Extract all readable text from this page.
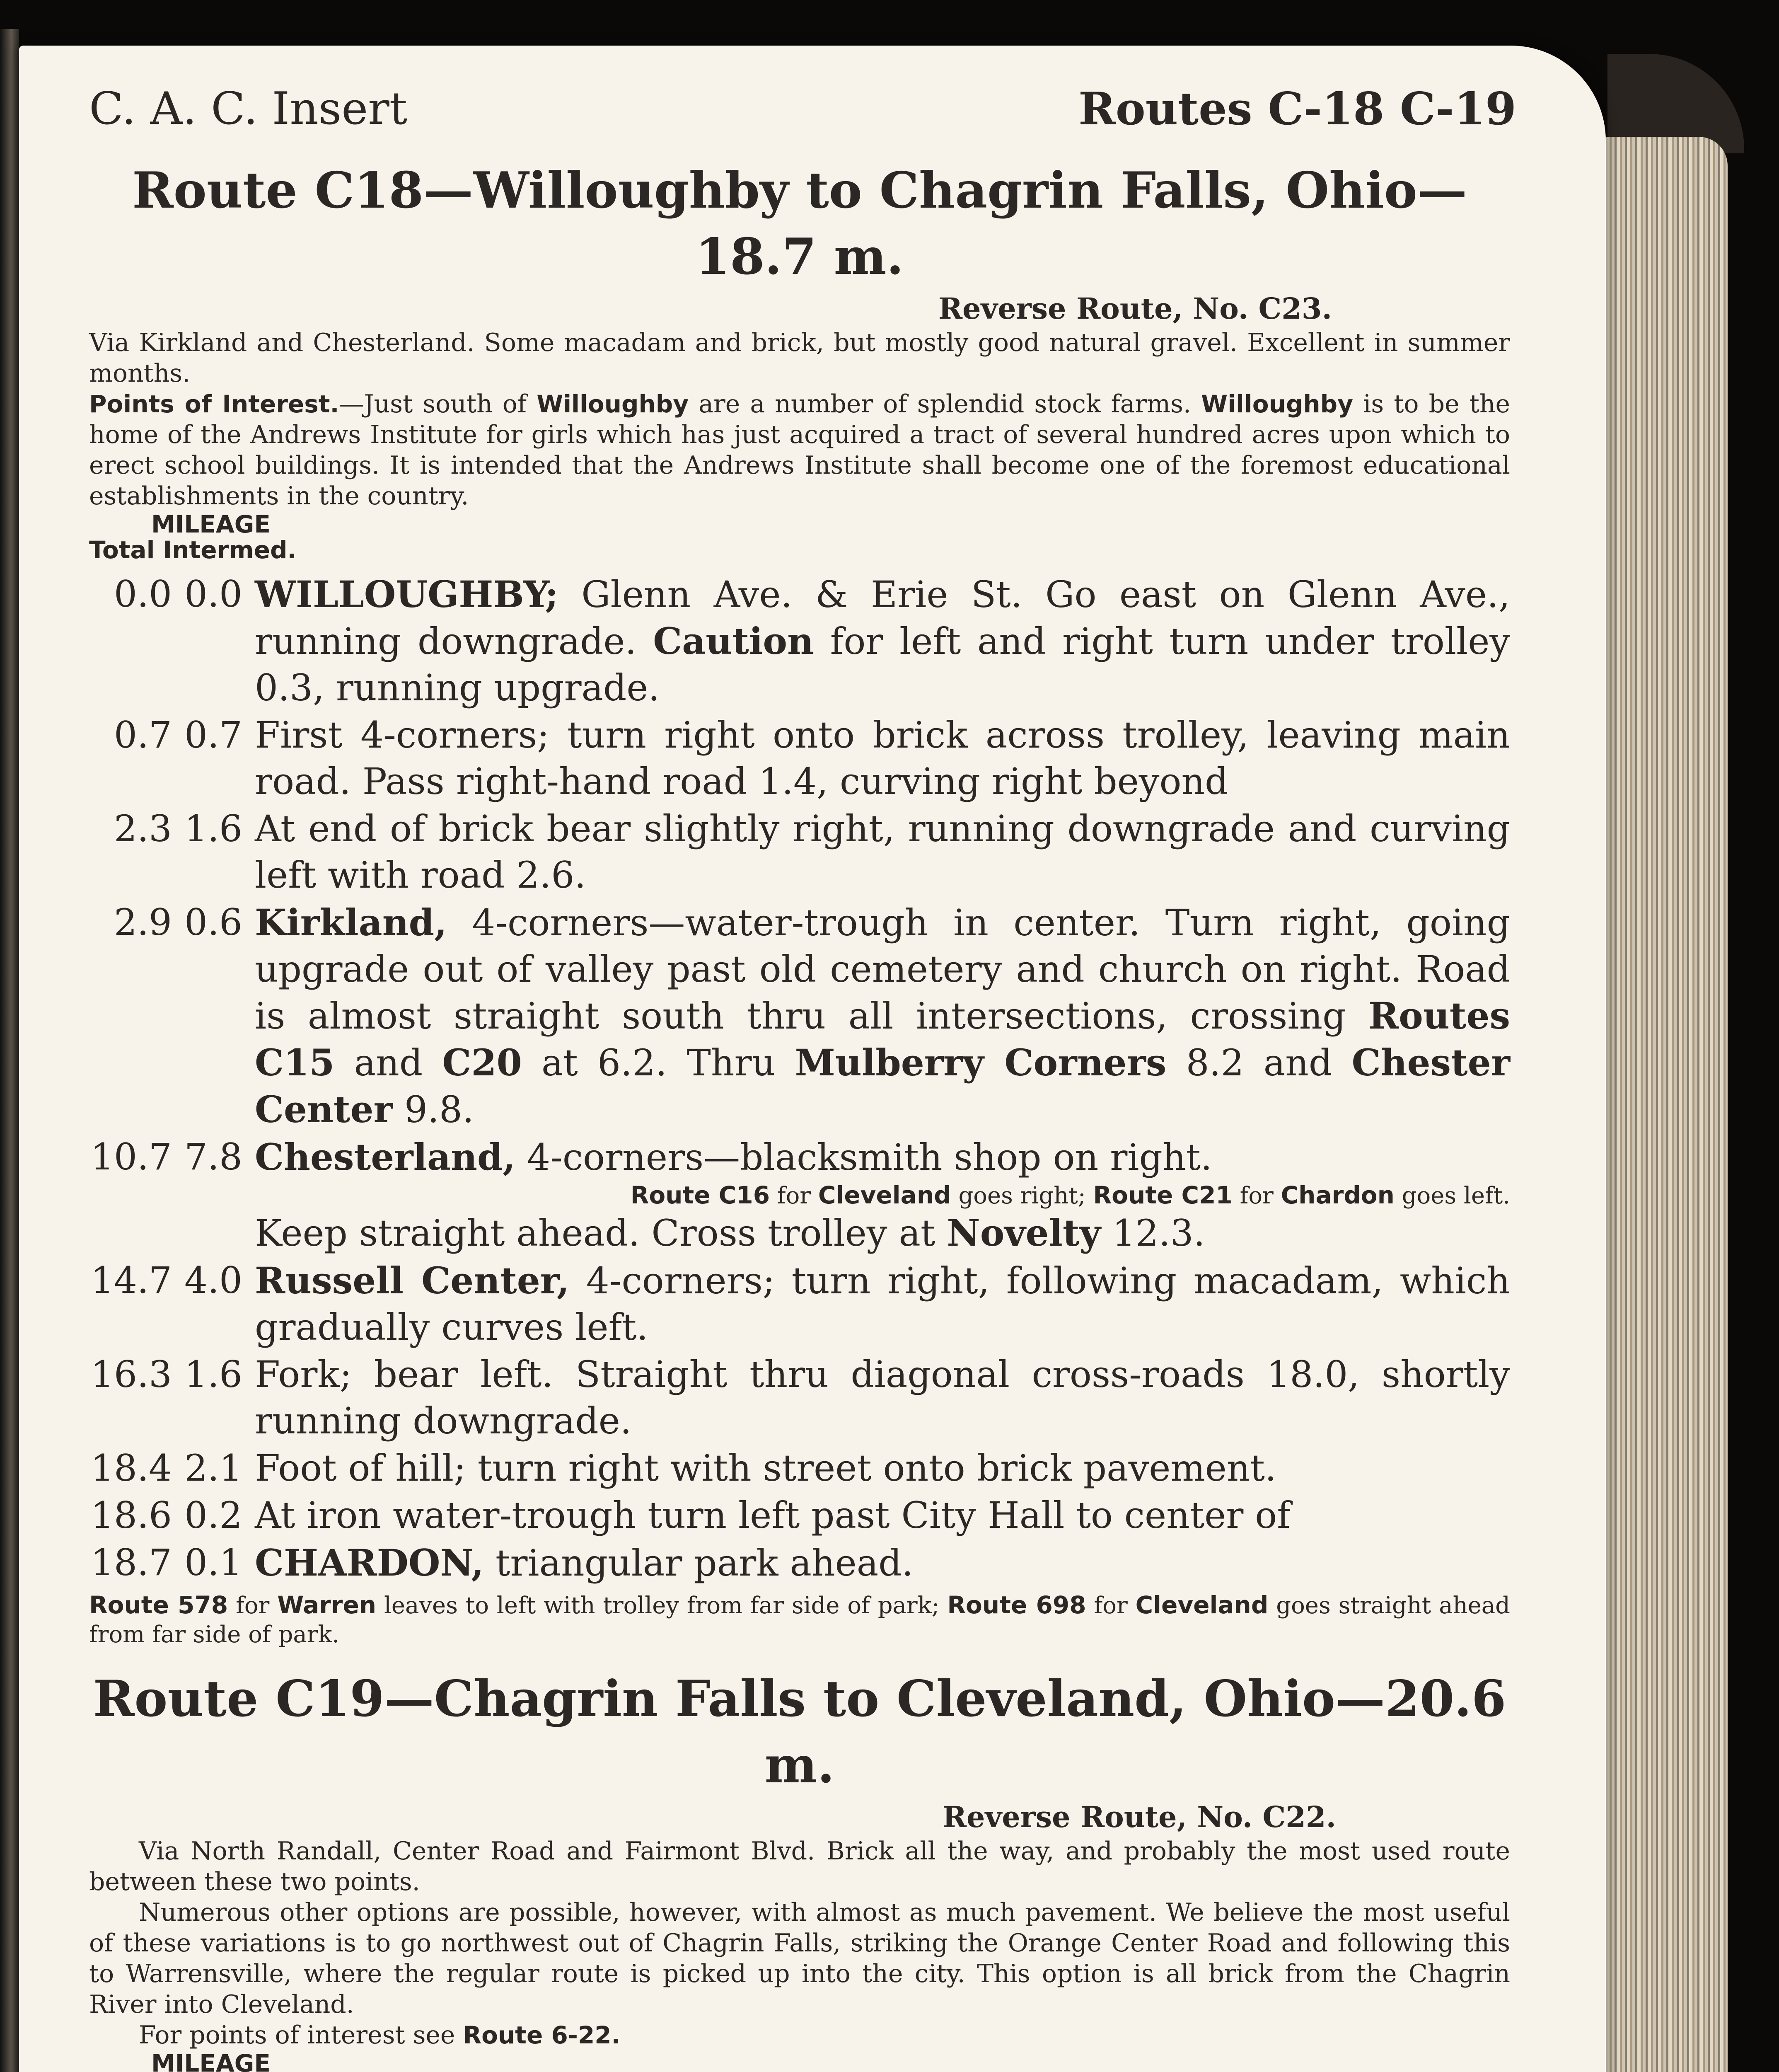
C. A. C. Insert	Routes C-18 C-19

Route C18—Willoughby to Chagrin Falls, Ohio—18.7 m.

Reverse Route, No. C23.

Via Kirkland and Chesterland. Some macadam and brick, but mostly good natural gravel. Excellent in summer months.

Points of Interest.—Just south of Willoughby are a number of splendid stock farms. Willoughby is to be the home of the Andrews Institute for girls which has just acquired a tract of several hundred acres upon which to erect school buildings. It is intended that the Andrews Institute shall become one of the foremost educational establishments in the country.

MILEAGE
Total Intermed.
0.0 0.0 WILLOUGHBY; Glenn Ave. & Erie St. Go east on Glenn Ave., running downgrade. Caution for left and right turn under trolley 0.3, running upgrade.
0.7 0.7 First 4-corners; turn right onto brick across trolley, leaving main road. Pass right-hand road 1.4, curving right beyond
2.3 1.6 At end of brick bear slightly right, running downgrade and curving left with road 2.6.
2.9 0.6 Kirkland, 4-corners—water-trough in center. Turn right, going upgrade out of valley past old cemetery and church on right. Road is almost straight south thru all intersections, crossing Routes C15 and C20 at 6.2. Thru Mulberry Corners 8.2 and Chester Center 9.8.
10.7 7.8 Chesterland, 4-corners—blacksmith shop on right.
Route C16 for Cleveland goes right; Route C21 for Chardon goes left.
Keep straight ahead. Cross trolley at Novelty 12.3.
14.7 4.0 Russell Center, 4-corners; turn right, following macadam, which gradually curves left.
16.3 1.6 Fork; bear left. Straight thru diagonal cross-roads 18.0, shortly running downgrade.
18.4 2.1 Foot of hill; turn right with street onto brick pavement.
18.6 0.2 At iron water-trough turn left past City Hall to center of
18.7 0.1 CHARDON, triangular park ahead.

Route 578 for Warren leaves to left with trolley from far side of park; Route 698 for Cleveland goes straight ahead from far side of park.

Route C19—Chagrin Falls to Cleveland, Ohio—20.6 m.

Reverse Route, No. C22.

Via North Randall, Center Road and Fairmont Blvd. Brick all the way, and probably the most used route between these two points.

Numerous other options are possible, however, with almost as much pavement. We believe the most useful of these variations is to go northwest out of Chagrin Falls, striking the Orange Center Road and following this to Warrensville, where the regular route is picked up into the city. This option is all brick from the Chagrin River into Cleveland.

For points of interest see Route 6-22.

MILEAGE
